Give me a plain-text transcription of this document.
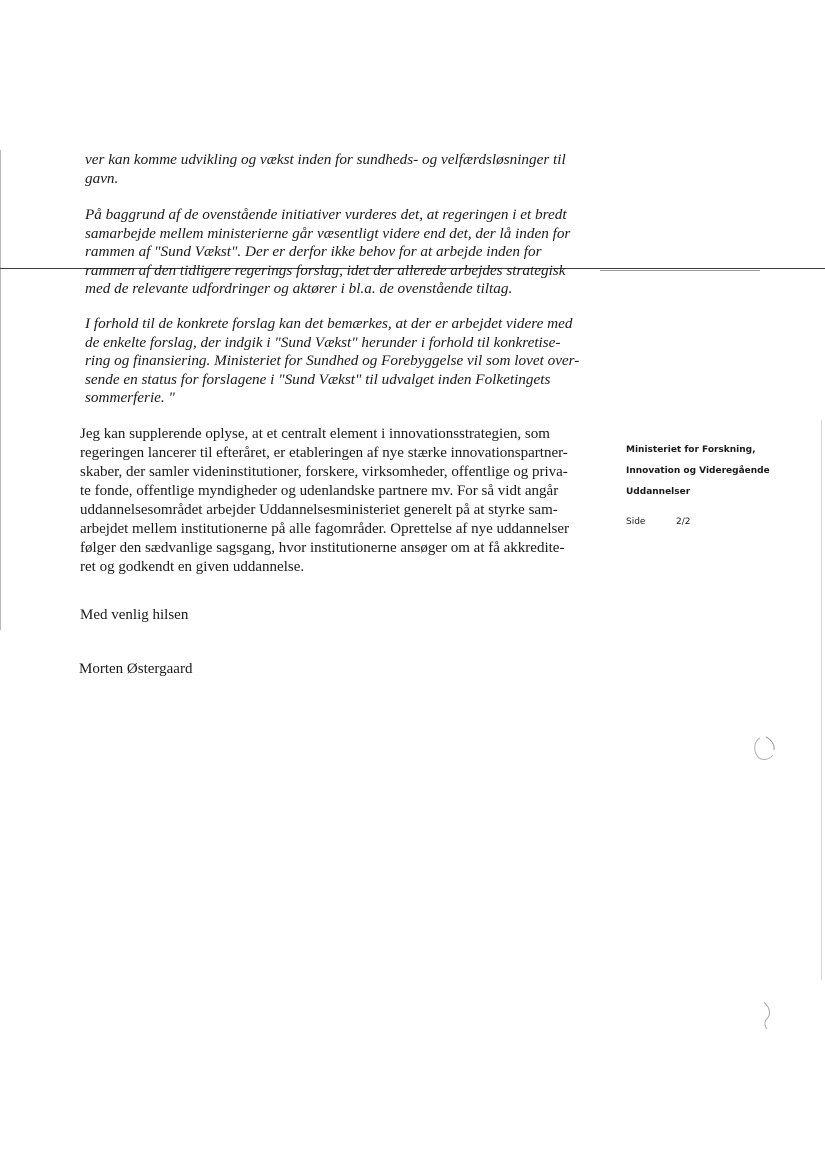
ver kan komme udvikling og vækst inden for sundheds- og velfærdsløsninger til
gavn.
På baggrund af de ovenstående initiativer vurderes det, at regeringen i et bredt
samarbejde mellem ministerierne går væsentligt videre end det, der lå inden for
rammen af "Sund Vækst". Der er derfor ikke behov for at arbejde inden for
rammen af den tidligere regerings forslag, idet der allerede arbejdes strategisk
med de relevante udfordringer og aktører i bl.a. de ovenstående tiltag.
I forhold til de konkrete forslag kan det bemærkes, at der er arbejdet videre med
de enkelte forslag, der indgik i "Sund Vækst" herunder i forhold til konkretise-
ring og finansiering. Ministeriet for Sundhed og Forebyggelse vil som lovet over-
sende en status for forslagene i "Sund Vækst" til udvalget inden Folketingets
sommerferie. "
Jeg kan supplerende oplyse, at et centralt element i innovationsstrategien, som
regeringen lancerer til efteråret, er etableringen af nye stærke innovationspartner-
skaber, der samler videninstitutioner, forskere, virksomheder, offentlige og priva-
te fonde, offentlige myndigheder og udenlandske partnere mv. For så vidt angår
uddannelsesområdet arbejder Uddannelsesministeriet generelt på at styrke sam-
arbejdet mellem institutionerne på alle fagområder. Oprettelse af nye uddannelser
følger den sædvanlige sagsgang, hvor institutionerne ansøger om at få akkredite-
ret og godkendt en given uddannelse.
Med venlig hilsen
Morten Østergaard
Ministeriet for Forskning,
Innovation og Videregående
Uddannelser
Side	2/2
